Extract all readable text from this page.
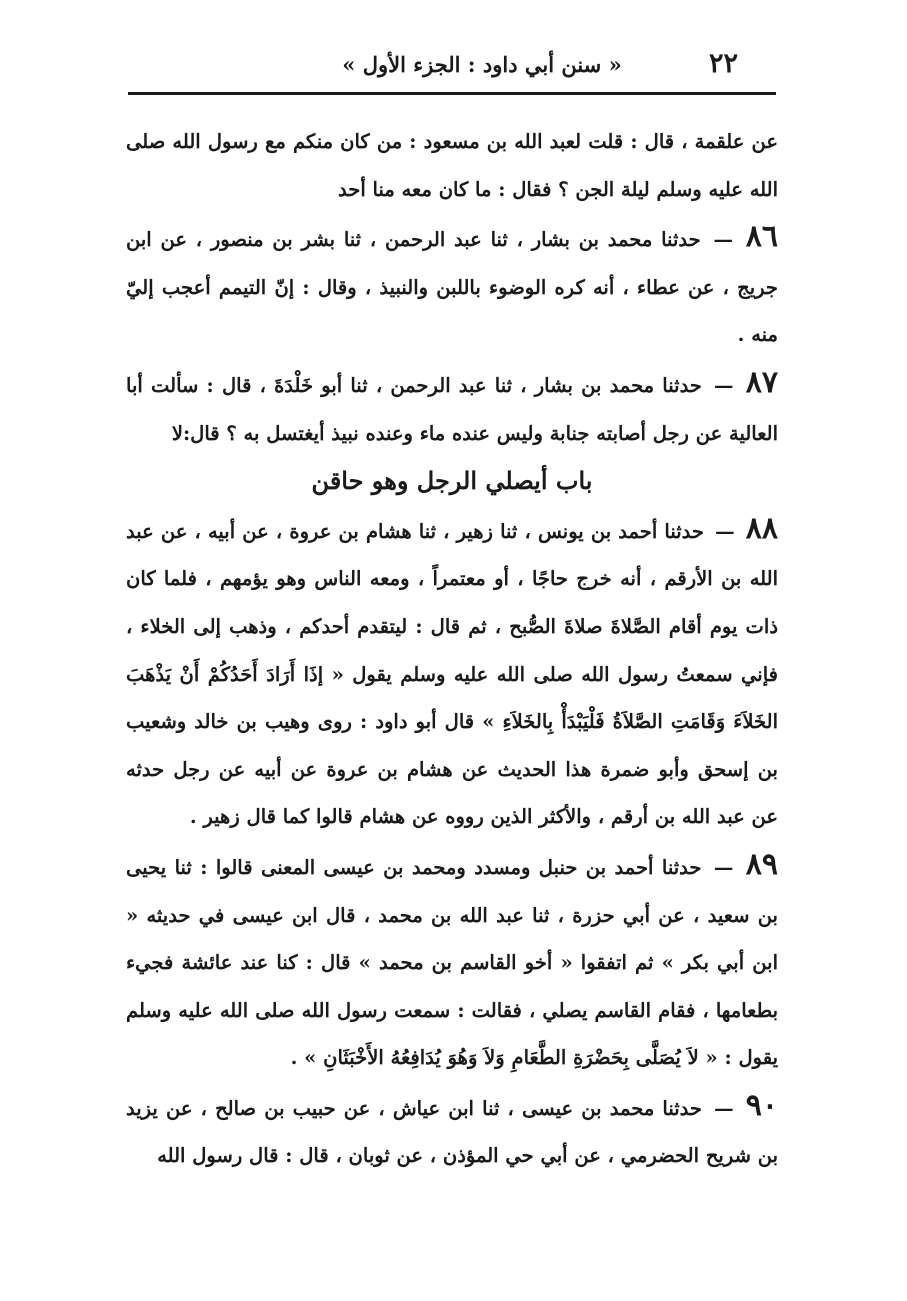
٢٢
« سنن أبي داود : الجزء الأول »

عن علقمة ، قال : قلت لعبد الله بن مسعود : من كان منكم مع رسول الله صلى الله عليه وسلم ليلة الجن ؟ فقال : ما كان معه منا أحد

٨٦ — حدثنا محمد بن بشار ، ثنا عبد الرحمن ، ثنا بشر بن منصور ، عن ابن جريج ، عن عطاء ، أنه كره الوضوء باللبن والنبيذ ، وقال : إنّ التيمم أعجب إليّ منه .

٨٧ — حدثنا محمد بن بشار ، ثنا عبد الرحمن ، ثنا أبو خَلْدَةَ ، قال : سألت أبا العالية عن رجل أصابته جنابة وليس عنده ماء وعنده نبيذ أيغتسل به ؟ قال:لا

باب أيصلي الرجل وهو حاقن

٨٨ — حدثنا أحمد بن يونس ، ثنا زهير ، ثنا هشام بن عروة ، عن أبيه ، عن عبد الله بن الأرقم ، أنه خرج حاجًا ، أو معتمراً ، ومعه الناس وهو يؤمهم ، فلما كان ذات يوم أقام الصَّلاةَ صلاةَ الصُّبح ، ثم قال : ليتقدم أحدكم ، وذهب إلى الخلاء ، فإني سمعتُ رسول الله صلى الله عليه وسلم يقول « إذَا أَرَادَ أَحَدُكُمْ أَنْ يَذْهَبَ الخَلاَءَ وَقَامَتِ الصَّلاَةُ فَلْيَبْدَأْ بِالخَلاَءِ » قال أبو داود : روى وهيب بن خالد وشعيب بن إسحق وأبو ضمرة هذا الحديث عن هشام بن عروة عن أبيه عن رجل حدثه عن عبد الله بن أرقم ، والأكثر الذين رووه عن هشام قالوا كما قال زهير .

٨٩ — حدثنا أحمد بن حنبل ومسدد ومحمد بن عيسى المعنى قالوا : ثنا يحيى بن سعيد ، عن أبي حزرة ، ثنا عبد الله بن محمد ، قال ابن عيسى في حديثه « ابن أبي بكر » ثم اتفقوا « أخو القاسم بن محمد » قال : كنا عند عائشة فجيء بطعامها ، فقام القاسم يصلي ، فقالت : سمعت رسول الله صلى الله عليه وسلم يقول : « لاَ يُصَلَّى بِحَضْرَةِ الطَّعَامِ وَلاَ وَهُوَ يُدَافِعُهُ الأَخْبَثَانِ » .

٩٠ — حدثنا محمد بن عيسى ، ثنا ابن عياش ، عن حبيب بن صالح ، عن يزيد بن شريح الحضرمي ، عن أبي حي المؤذن ، عن ثوبان ، قال : قال رسول الله
